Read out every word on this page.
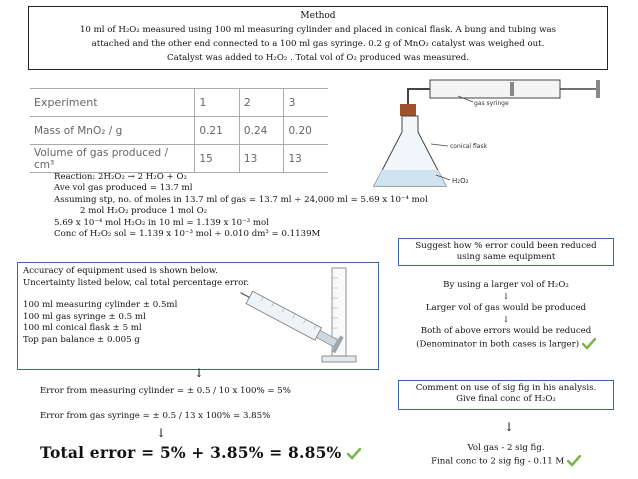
Method
10 ml of H₂O₂ measured using 100 ml measuring cylinder and placed in conical flask. A bung and tubing was
attached and the other end connected to a 100 ml gas syringe. 0.2 g of MnO₂ catalyst was weighed out.
Catalyst was added to H₂O₂ . Total vol of O₂ produced was measured.
Experiment	1	2	3
Mass of MnO₂ / g	0.21	0.24	0.20
Volume of gas produced / cm³	15	13	13
gas syringe
conical flask
H₂O₂
Reaction: 2H₂O₂ → 2 H₂O + O₂
Ave vol gas produced = 13.7 ml
Assuming stp, no. of moles in 13.7 ml of gas = 13.7 ml ÷ 24,000 ml = 5.69 x 10⁻⁴ mol
2 mol H₂O₂ produce 1 mol O₂
5.69 x 10⁻⁴ mol H₂O₂ in 10 ml = 1.139 x 10⁻³ mol
Conc of H₂O₂ sol = 1.139 x 10⁻³ mol ÷ 0.010 dm³ = 0.1139M
Accuracy of equipment used is shown below.
Uncertainty listed below, cal total percentage error.
100 ml measuring cylinder ± 0.5ml
100 ml gas syringe ± 0.5 ml
100 ml conical flask ± 5 ml
Top pan balance ± 0.005 g
↓
Error from measuring cylinder = ± 0.5 / 10 x 100% = 5%
Error from gas syringe = ± 0.5 / 13 x 100% = 3.85%
↓
Total error = 5% + 3.85% = 8.85%
Suggest how % error could been reduced
using same equipment
By using a larger vol of H₂O₂
↓
Larger vol of gas would be produced
↓
Both of above errors would be reduced
(Denominator in both cases is larger)
Comment on use of sig fig in his analysis.
Give final conc of H₂O₂
↓
Vol gas - 2 sig fig.
Final conc to 2 sig fig - 0.11 M
